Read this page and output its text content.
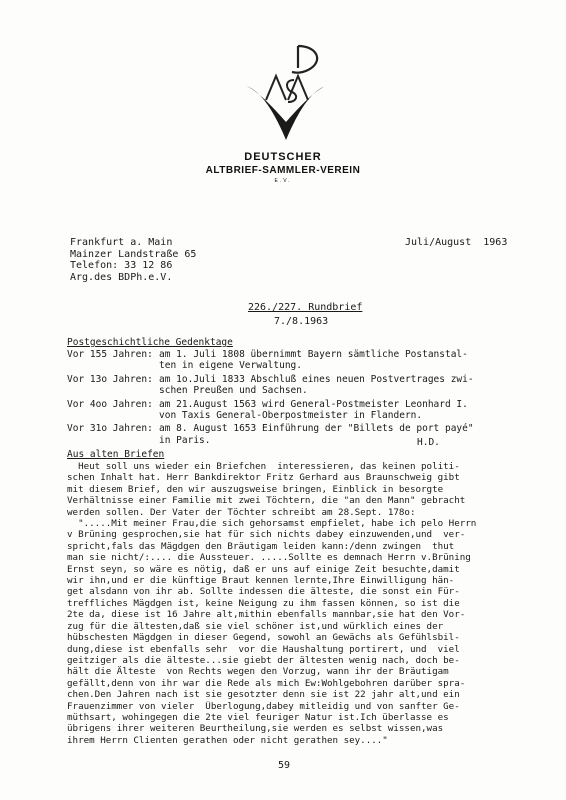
DEUTSCHER
ALTBRIEF-SAMMLER-VEREIN
E.V.
Frankfurt a. Main
Mainzer Landstraße 65
Telefon: 33 12 86
Arg.des BDPh.e.V.
Juli/August  1963
226./227. Rundbrief
7./8.1963
Postgeschichtliche Gedenktage
Vor 155 Jahren: am 1. Juli 1808 übernimmt Bayern sämtliche Postanstal-
ten in eigene Verwaltung.
Vor 13o Jahren: am 1o.Juli 1833 Abschluß eines neuen Postvertrages zwi-
schen Preußen und Sachsen.
Vor 4oo Jahren: am 21.August 1563 wird General-Postmeister Leonhard I.
von Taxis General-Oberpostmeister in Flandern.
Vor 31o Jahren: am 8. August 1653 Einführung der "Billets de port payé"
in Paris.	H.D.
Aus alten Briefen
Heut soll uns wieder ein Briefchen  interessieren, das keinen politi-
schen Inhalt hat. Herr Bankdirektor Fritz Gerhard aus Braunschweig gibt
mit diesem Brief, den wir auszugsweise bringen, Einblick in besorgte
Verhältnisse einer Familie mit zwei Töchtern, die "an den Mann" gebracht
werden sollen. Der Vater der Töchter schreibt am 28.Sept. 178o:
".....Mit meiner Frau,die sich gehorsamst empfielet, habe ich pelo Herrn
v Brüning gesprochen,sie hat für sich nichts dabey einzuwenden,und  ver-
spricht,fals das Mägdgen den Bräutigam leiden kann:/denn zwingen  thut
man sie nicht/:.... die Aussteuer. .....Sollte es demnach Herrn v.Brüning
Ernst seyn, so wäre es nötig, daß er uns auf einige Zeit besuchte,damit
wir ihn,und er die künftige Braut kennen lernte,Ihre Einwilligung hän-
get alsdann von ihr ab. Sollte indessen die älteste, die sonst ein Für-
treffliches Mägdgen ist, keine Neigung zu ihm fassen können, so ist die
2te da, diese ist 16 Jahre alt,mithin ebenfalls mannbar,sie hat den Vor-
zug für die ältesten,daß sie viel schöner ist,und würklich eines der
hübschesten Mägdgen in dieser Gegend, sowohl an Gewächs als Gefühlsbil-
dung,diese ist ebenfalls sehr  vor die Haushaltung portirert, und  viel
geitziger als die älteste...sie giebt der ältesten wenig nach, doch be-
hält die Älteste  von Rechts wegen den Vorzug, wann ihr der Bräutigam
gefällt,denn von ihr war die Rede als mich Ew:Wohlgebohren darüber spra-
chen.Den Jahren nach ist sie gesotzter denn sie ist 22 jahr alt,und ein
Frauenzimmer von vieler  Überlogung,dabey mitleidig und von sanfter Ge-
müthsart, wohingegen die 2te viel feuriger Natur ist.Ich überlasse es
übrigens ihrer weiteren Beurtheilung,sie werden es selbst wissen,was
ihrem Herrn Clienten gerathen oder nicht gerathen sey...."
59
